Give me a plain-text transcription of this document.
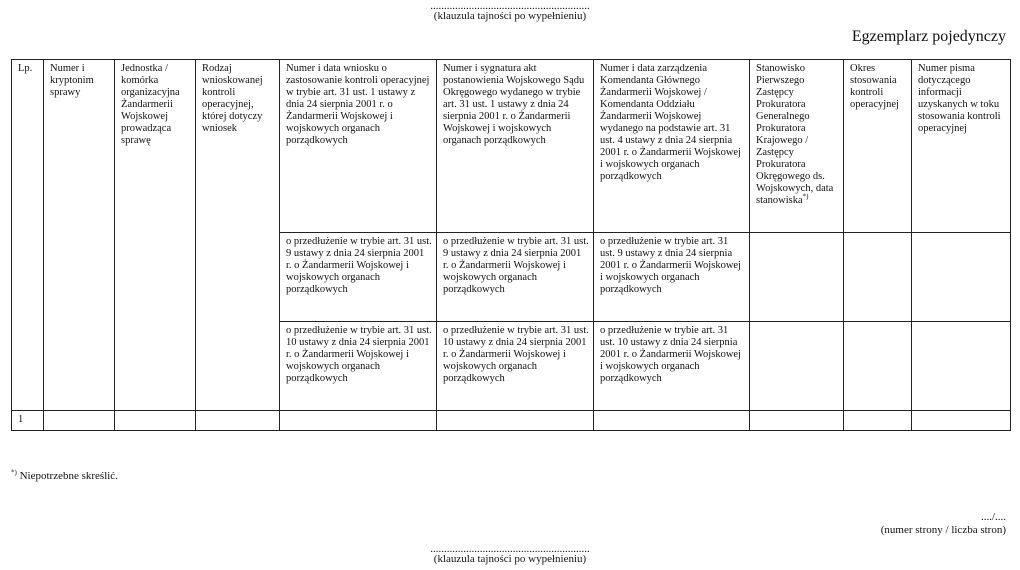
..........................................................
(klauzula tajności po wypełnieniu)
Egzemplarz pojedynczy
Lp.	Numer i kryptonim sprawy	Jednostka / komórka organizacyjna Żandarmerii Wojskowej prowadząca sprawę	Rodzaj wnioskowanej kontroli operacyjnej, której dotyczy wniosek	Numer i data wniosku o zastosowanie kontroli operacyjnej w trybie art. 31 ust. 1 ustawy z dnia 24 sierpnia 2001 r. o Żandarmerii Wojskowej i wojskowych organach porządkowych	Numer i sygnatura akt postanowienia Wojskowego Sądu Okręgowego wydanego w trybie art. 31 ust. 1 ustawy z dnia 24 sierpnia 2001 r. o Żandarmerii Wojskowej i wojskowych organach porządkowych	Numer i data zarządzenia Komendanta Głównego Żandarmerii Wojskowej / Komendanta Oddziału Żandarmerii Wojskowej wydanego na podstawie art. 31 ust. 4 ustawy z dnia 24 sierpnia 2001 r. o Żandarmerii Wojskowej i wojskowych organach porządkowych	Stanowisko Pierwszego Zastępcy Prokuratora Generalnego Prokuratora Krajowego / Zastępcy Prokuratora Okręgowego ds. Wojskowych, data stanowiska*)	Okres stosowania kontroli operacyjnej	Numer pisma dotyczącego informacji uzyskanych w toku stosowania kontroli operacyjnej
				o przedłużenie w trybie art. 31 ust. 9 ustawy z dnia 24 sierpnia 2001 r. o Żandarmerii Wojskowej i wojskowych organach porządkowych	o przedłużenie w trybie art. 31 ust. 9 ustawy z dnia 24 sierpnia 2001 r. o Żandarmerii Wojskowej i wojskowych organach porządkowych	o przedłużenie w trybie art. 31 ust. 9 ustawy z dnia 24 sierpnia 2001 r. o Żandarmerii Wojskowej i wojskowych organach porządkowych			
				o przedłużenie w trybie art. 31 ust. 10 ustawy z dnia 24 sierpnia 2001 r. o Żandarmerii Wojskowej i wojskowych organach porządkowych	o przedłużenie w trybie art. 31 ust. 10 ustawy z dnia 24 sierpnia 2001 r. o Żandarmerii Wojskowej i wojskowych organach porządkowych	o przedłużenie w trybie art. 31 ust. 10 ustawy z dnia 24 sierpnia 2001 r. o Żandarmerii Wojskowej i wojskowych organach porządkowych			
1									
*) Niepotrzebne skreślić.
..../....
(numer strony / liczba stron)
..........................................................
(klauzula tajności po wypełnieniu)
